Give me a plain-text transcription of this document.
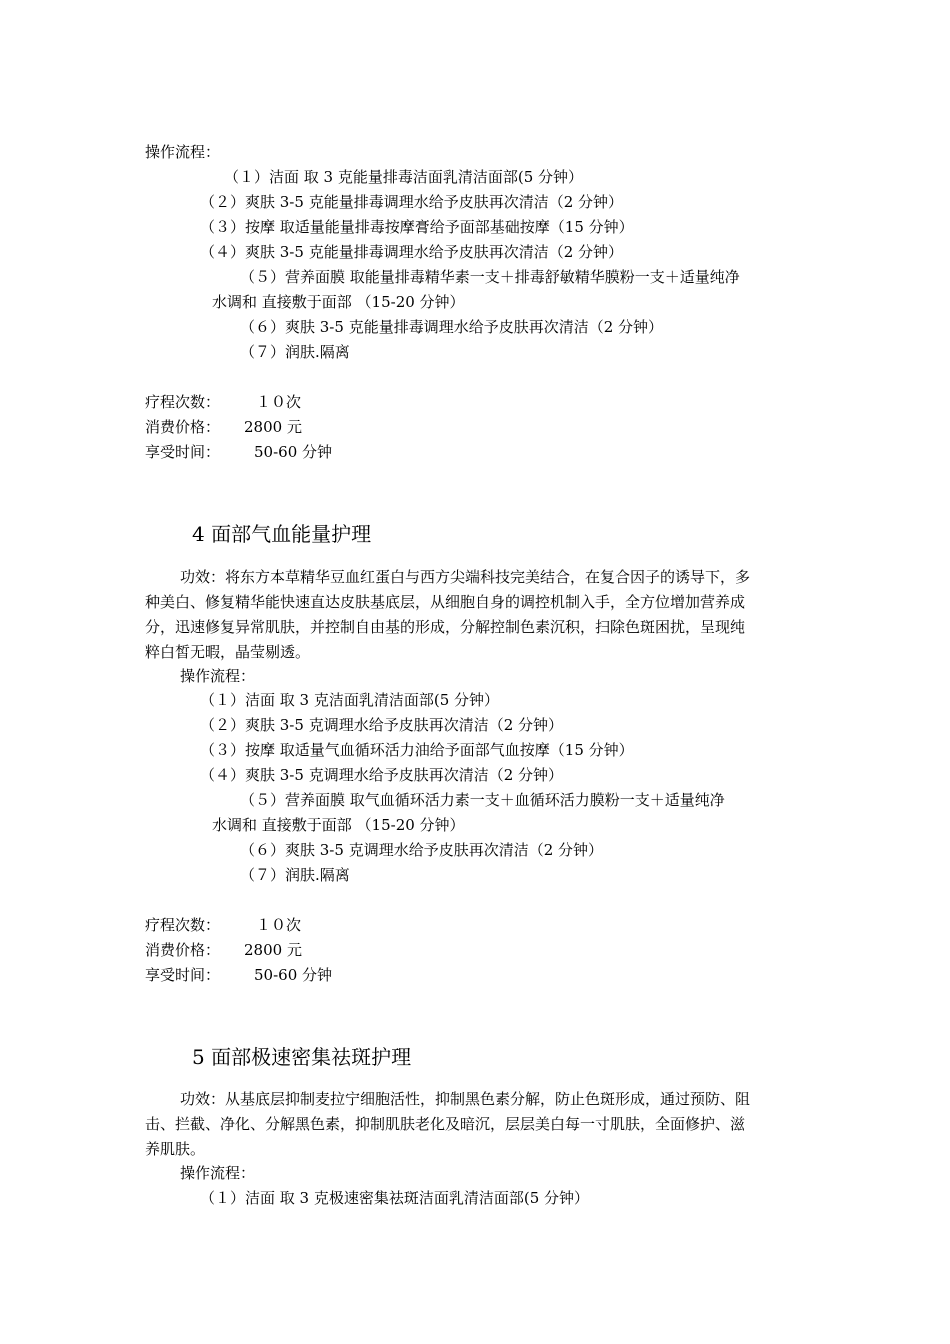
操作流程：
（１）洁面 取 3 克能量排毒洁面乳清洁面部(5 分钟）
（２）爽肤 3-5 克能量排毒调理水给予皮肤再次清洁（2 分钟）
（３）按摩 取适量能量排毒按摩膏给予面部基础按摩（15 分钟）
（４）爽肤 3-5 克能量排毒调理水给予皮肤再次清洁（2 分钟）
（５）营养面膜 取能量排毒精华素一支＋排毒舒敏精华膜粉一支＋适量纯净
水调和 直接敷于面部 （15-20 分钟）
（６）爽肤 3-5 克能量排毒调理水给予皮肤再次清洁（2 分钟）
（７）润肤.隔离
疗程次数： １０次
消费价格： 2800 元
享受时间： 50-60 分钟
4 面部气血能量护理
功效：将东方本草精华豆血红蛋白与西方尖端科技完美结合，在复合因子的诱导下，多
种美白、修复精华能快速直达皮肤基底层，从细胞自身的调控机制入手，全方位增加营养成
分，迅速修复异常肌肤，并控制自由基的形成，分解控制色素沉积，扫除色斑困扰，呈现纯
粹白皙无暇，晶莹剔透。
操作流程：
（１）洁面 取 3 克洁面乳清洁面部(5 分钟）
（２）爽肤 3-5 克调理水给予皮肤再次清洁（2 分钟）
（３）按摩 取适量气血循环活力油给予面部气血按摩（15 分钟）
（４）爽肤 3-5 克调理水给予皮肤再次清洁（2 分钟）
（５）营养面膜 取气血循环活力素一支＋血循环活力膜粉一支＋适量纯净
水调和 直接敷于面部 （15-20 分钟）
（６）爽肤 3-5 克调理水给予皮肤再次清洁（2 分钟）
（７）润肤.隔离
疗程次数： １０次
消费价格： 2800 元
享受时间： 50-60 分钟
5 面部极速密集祛斑护理
功效：从基底层抑制麦拉宁细胞活性，抑制黑色素分解，防止色斑形成，通过预防、阻
击、拦截、净化、分解黑色素，抑制肌肤老化及暗沉，层层美白每一寸肌肤，全面修护、滋
养肌肤。
操作流程：
（１）洁面 取 3 克极速密集祛斑洁面乳清洁面部(5 分钟）
